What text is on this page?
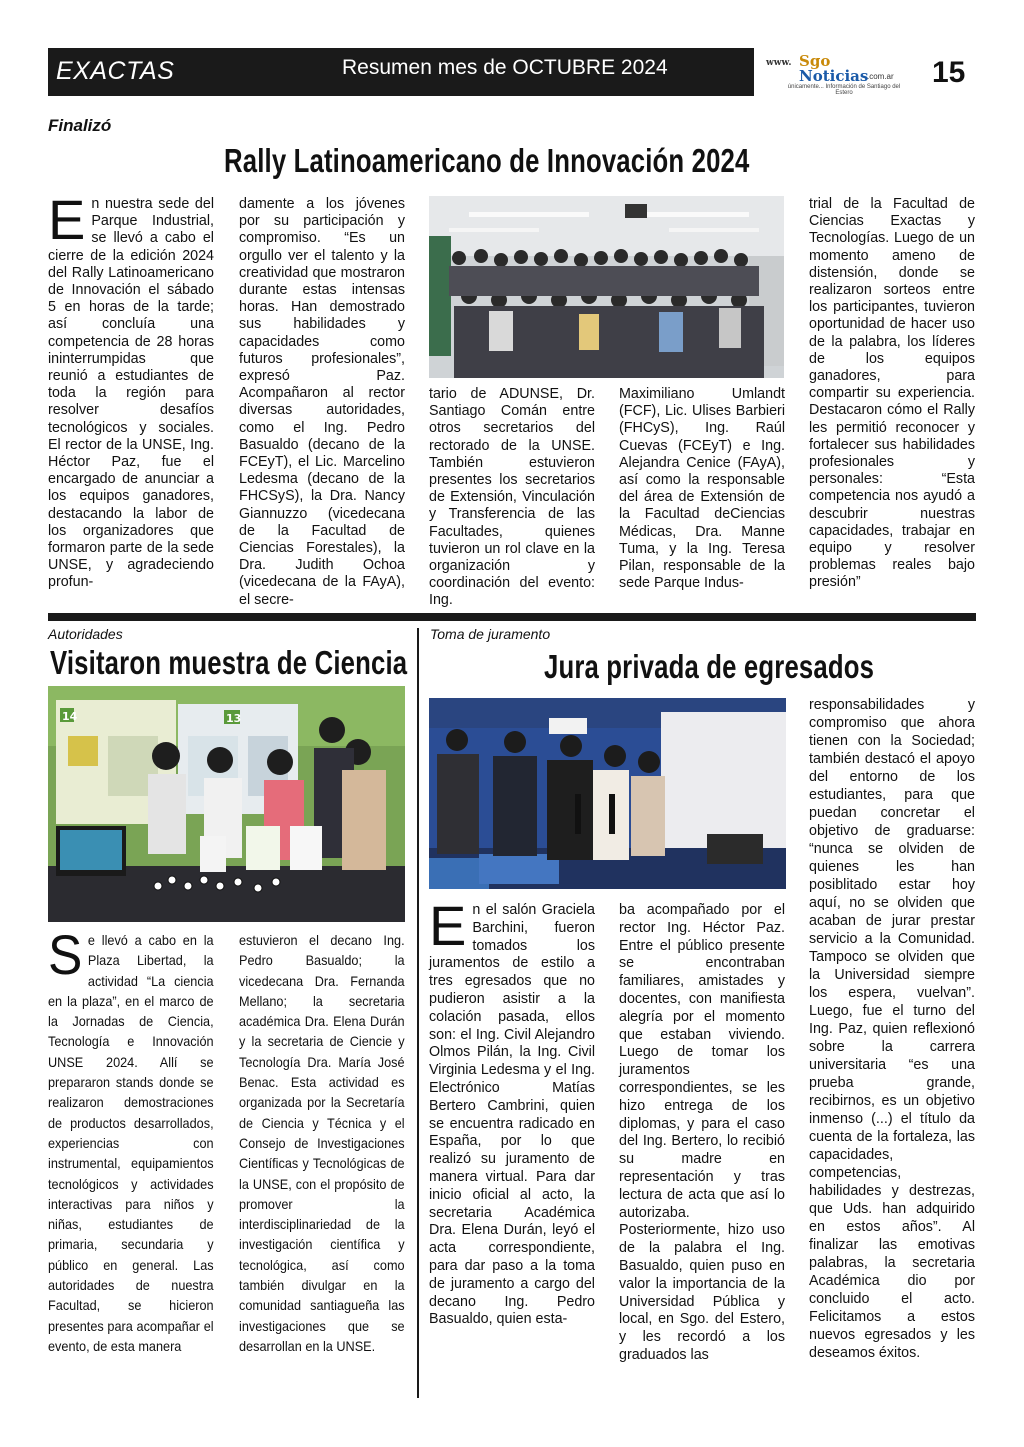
EXACTAS	Resumen mes de OCTUBRE 2024	www. Sgo
Noticias
.com.ar
únicamente... Información de Santiago del Estero
15
Finalizó
Rally Latinoamericano de Innovación 2024
En nuestra sede del Parque Industrial, se llevó a cabo el cierre de la edición 2024 del Rally Latinoamericano de Innovación el sábado 5 en horas de la tarde; así concluía una competencia de 28 horas ininterrumpidas que reunió a estudiantes de toda la región para resolver desafíos tecnológicos y sociales. El rector de la UNSE, Ing. Héctor Paz, fue el encargado de anunciar a los equipos ganadores, destacando la labor de los organizadores que formaron parte de la sede UNSE, y agradeciendo profun-
damente a los jóvenes por su participación y compromiso. “Es un orgullo ver el talento y la creatividad que mostraron durante estas intensas horas. Han demostrado sus habilidades y capacidades como futuros profesionales”, expresó Paz. Acompañaron al rector diversas autoridades, como el Ing. Pedro Basualdo (decano de la FCEyT), el Lic. Marcelino Ledesma (decano de la FHCSyS), la Dra. Nancy Giannuzzo (vicedecana de la Facultad de Ciencias Forestales), la Dra. Judith Ochoa (vicedecana de la FAyA), el secre-
tario de ADUNSE, Dr. Santiago Comán entre otros secretarios del rectorado de la UNSE. También estuvieron presentes los secretarios de Extensión, Vinculación y Transferencia de las Facultades, quienes tuvieron un rol clave en la organización y coordinación del evento: Ing.
Maximiliano Umlandt (FCF), Lic. Ulises Barbieri (FHCyS), Ing. Raúl Cuevas (FCEyT) e Ing. Alejandra Cenice (FAyA), así como la responsable del área de Extensión de la Facultad deCiencias Médicas, Dra. Manne Tuma, y la Ing. Teresa Pilan, responsable de la sede Parque Indus-
trial de la Facultad de Ciencias Exactas y Tecnologías. Luego de un momento ameno de distensión, donde se realizaron sorteos entre los participantes, tuvieron oportunidad de hacer uso de la palabra, los líderes de los equipos ganadores, para compartir su experiencia. Destacaron cómo el Rally les permitió reconocer y fortalecer sus habilidades profesionales y personales: “Esta competencia nos ayudó a descubrir nuestras capacidades, trabajar en equipo y resolver problemas reales bajo presión”
Autoridades
Visitaron muestra de Ciencia
14	13
Se llevó a cabo en la Plaza Libertad, la actividad “La ciencia en la plaza”, en el marco de la Jornadas de Ciencia, Tecnología e Innovación UNSE 2024. Allí se prepararon stands donde se realizaron demostraciones de productos desarrollados, experiencias con instrumental, equipamientos tecnológicos y actividades interactivas para niños y niñas, estudiantes de primaria, secundaria y público en general. Las autoridades de nuestra Facultad, se hicieron presentes para acompañar el evento, de esta manera
estuvieron el decano Ing. Pedro Basualdo; la vicedecana Dra. Fernanda Mellano; la secretaria académica Dra. Elena Durán y la secretaria de Ciencie y Tecnología Dra. María José Benac. Esta actividad es organizada por la Secretaría de Ciencia y Técnica y el Consejo de Investigaciones Científicas y Tecnológicas de la UNSE, con el propósito de promover la interdisciplinariedad de la investigación científica y tecnológica, así como también divulgar en la comunidad santiagueña las investigaciones que se desarrollan en la UNSE.
Toma de juramento
Jura privada de egresados
En el salón Graciela Barchini, fueron tomados los juramentos de estilo a tres egresados que no pudieron asistir a la colación pasada, ellos son: el Ing. Civil Alejandro Olmos Pilán, la Ing. Civil Virginia Ledesma y el Ing. Electrónico Matías Bertero Cambrini, quien se encuentra radicado en España, por lo que realizó su juramento de manera virtual. Para dar inicio oficial al acto, la secretaria Académica Dra. Elena Durán, leyó el acta correspondiente, para dar paso a la toma de juramento a cargo del decano Ing. Pedro Basualdo, quien esta-
ba acompañado por el rector Ing. Héctor Paz. Entre el público presente se encontraban familiares, amistades y docentes, con manifiesta alegría por el momento que estaban viviendo. Luego de tomar los juramentos correspondientes, se les hizo entrega de los diplomas, y para el caso del Ing. Bertero, lo recibió su madre en representación y tras lectura de acta que así lo autorizaba. Posteriormente, hizo uso de la palabra el Ing. Basualdo, quien puso en valor la importancia de la Universidad Pública y local, en Sgo. del Estero, y les recordó a los graduados las
responsabilidades y compromiso que ahora tienen con la Sociedad; también destacó el apoyo del entorno de los estudiantes, para que puedan concretar el objetivo de graduarse: “nunca se olviden de quienes les han posiblitado estar hoy aquí, no se olviden que acaban de jurar prestar servicio a la Comunidad. Tampoco se olviden que la Universidad siempre los espera, vuelvan”. Luego, fue el turno del Ing. Paz, quien reflexionó sobre la carrera universitaria “es una prueba grande, recibirnos, es un objetivo inmenso (...) el título da cuenta de la fortaleza, las capacidades, competencias, habilidades y destrezas, que Uds. han adquirido en estos años”. Al finalizar las emotivas palabras, la secretaria Académica dio por concluido el acto. Felicitamos a estos nuevos egresados y les deseamos éxitos.
